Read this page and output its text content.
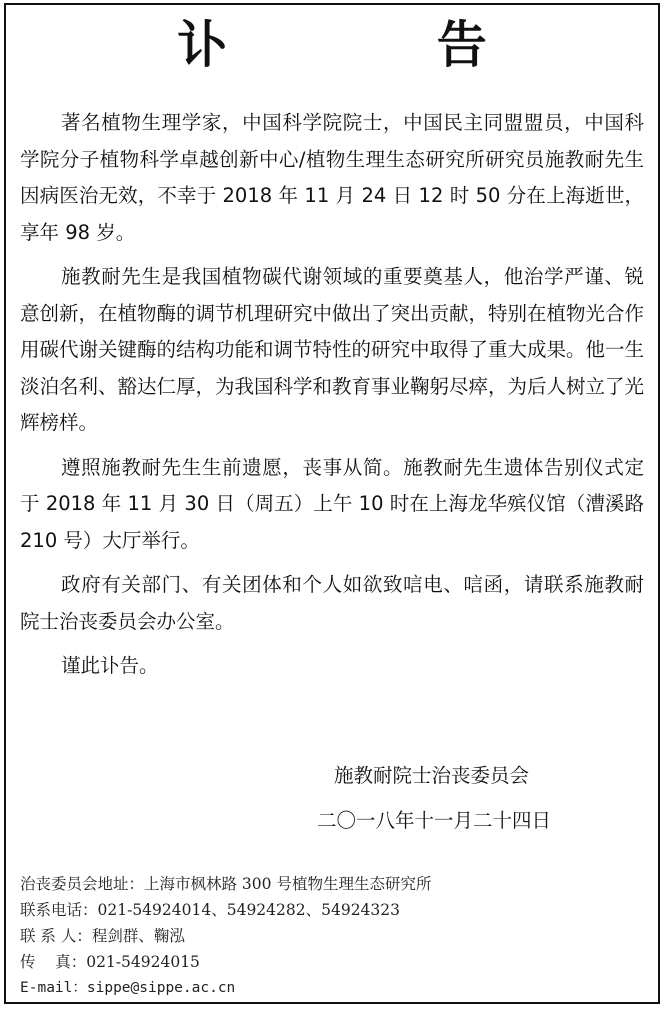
讣 告

著名植物生理学家，中国科学院院士，中国民主同盟盟员，中国科学院分子植物科学卓越创新中心/植物生理生态研究所研究员施教耐先生因病医治无效，不幸于 2018 年 11 月 24 日 12 时 50 分在上海逝世，享年 98 岁。

施教耐先生是我国植物碳代谢领域的重要奠基人，他治学严谨、锐意创新，在植物酶的调节机理研究中做出了突出贡献，特别在植物光合作用碳代谢关键酶的结构功能和调节特性的研究中取得了重大成果。他一生淡泊名利、豁达仁厚，为我国科学和教育事业鞠躬尽瘁，为后人树立了光辉榜样。

遵照施教耐先生生前遗愿，丧事从简。施教耐先生遗体告别仪式定于 2018 年 11 月 30 日（周五）上午 10 时在上海龙华殡仪馆（漕溪路 210 号）大厅举行。

政府有关部门、有关团体和个人如欲致唁电、唁函，请联系施教耐院士治丧委员会办公室。

谨此讣告。

施教耐院士治丧委员会
二〇一八年十一月二十四日
治丧委员会地址：上海市枫林路 300 号植物生理生态研究所
联系电话：021-54924014、54924282、54924323
联 系 人：程剑群、鞠泓
传    真：021-54924015
E-mail：sippe@sippe.ac.cn
